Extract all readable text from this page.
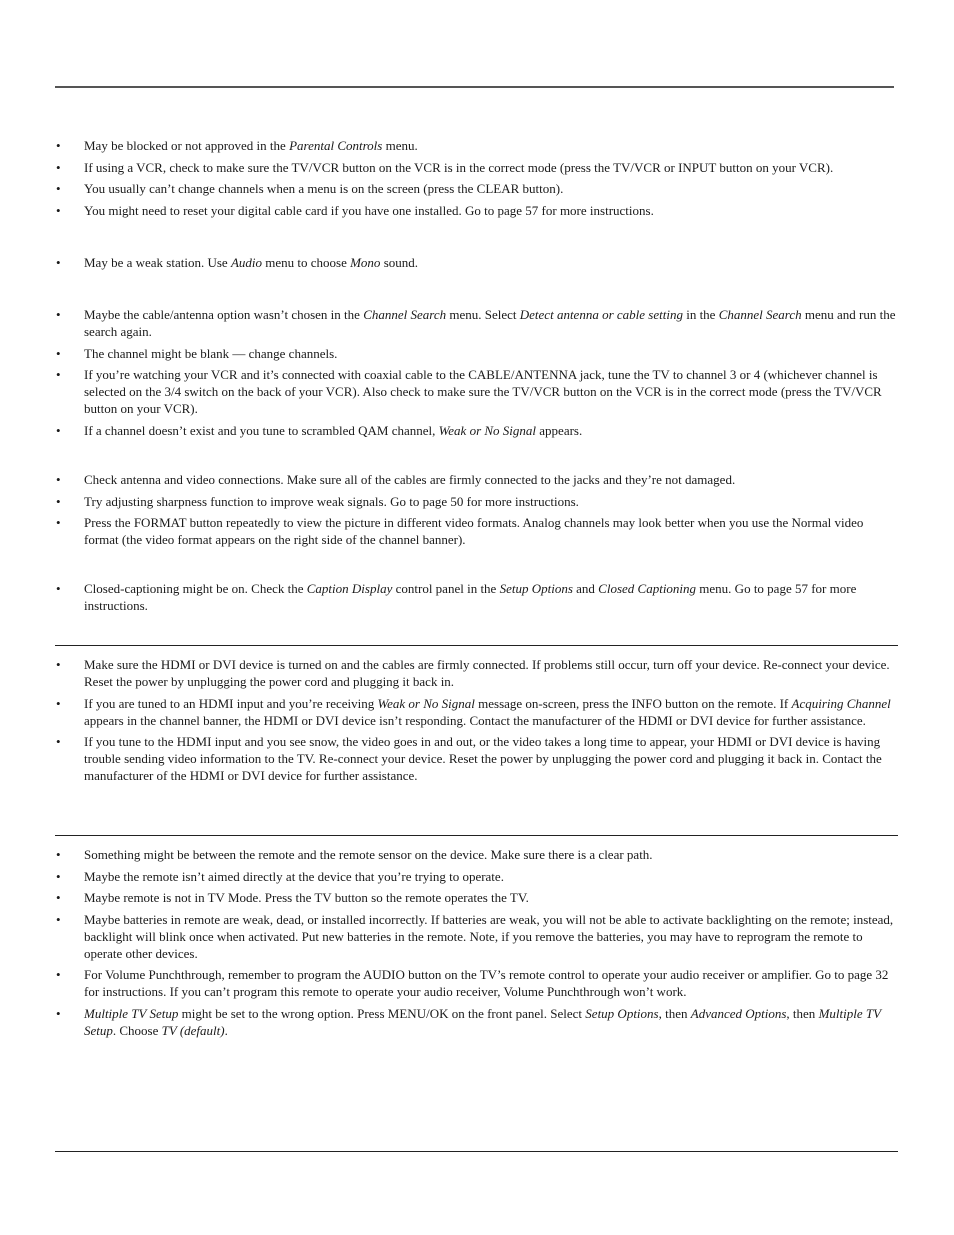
• May be blocked or not approved in the Parental Controls menu.
• If using a VCR, check to make sure the TV/VCR button on the VCR is in the correct mode (press the TV/VCR or INPUT button on your VCR).
• You usually can’t change channels when a menu is on the screen (press the CLEAR button).
• You might need to reset your digital cable card if you have one installed. Go to page 57 for more instructions.
• May be a weak station. Use Audio menu to choose Mono sound.
• Maybe the cable/antenna option wasn’t chosen in the Channel Search menu. Select Detect antenna or cable setting in the Channel Search menu and run the search again.
• The channel might be blank — change channels.
• If you’re watching your VCR and it’s connected with coaxial cable to the CABLE/ANTENNA jack, tune the TV to channel 3 or 4 (whichever channel is selected on the 3/4 switch on the back of your VCR). Also check to make sure the TV/VCR button on the VCR is in the correct mode (press the TV/VCR button on your VCR).
• If a channel doesn’t exist and you tune to scrambled QAM channel, Weak or No Signal appears.
• Check antenna and video connections. Make sure all of the cables are firmly connected to the jacks and they’re not damaged.
• Try adjusting sharpness function to improve weak signals. Go to page 50 for more instructions.
• Press the FORMAT button repeatedly to view the picture in different video formats. Analog channels may look better when you use the Normal video format (the video format appears on the right side of the channel banner).
• Closed-captioning might be on. Check the Caption Display control panel in the Setup Options and Closed Captioning menu. Go to page 57 for more instructions.
• Make sure the HDMI or DVI device is turned on and the cables are firmly connected. If problems still occur, turn off your device. Re-connect your device. Reset the power by unplugging the power cord and plugging it back in.
• If you are tuned to an HDMI input and you’re receiving Weak or No Signal message on-screen, press the INFO button on the remote. If Acquiring Channel appears in the channel banner, the HDMI or DVI device isn’t responding. Contact the manufacturer of the HDMI or DVI device for further assistance.
• If you tune to the HDMI input and you see snow, the video goes in and out, or the video takes a long time to appear, your HDMI or DVI device is having trouble sending video information to the TV. Re-connect your device. Reset the power by unplugging the power cord and plugging it back in. Contact the manufacturer of the HDMI or DVI device for further assistance.
• Something might be between the remote and the remote sensor on the device. Make sure there is a clear path.
• Maybe the remote isn’t aimed directly at the device that you’re trying to operate.
• Maybe remote is not in TV Mode. Press the TV button so the remote operates the TV.
• Maybe batteries in remote are weak, dead, or installed incorrectly. If batteries are weak, you will not be able to activate backlighting on the remote; instead, backlight will blink once when activated. Put new batteries in the remote. Note, if you remove the batteries, you may have to reprogram the remote to operate other devices.
• For Volume Punchthrough, remember to program the AUDIO button on the TV’s remote control to operate your audio receiver or amplifier. Go to page 32 for instructions. If you can’t program this remote to operate your audio receiver, Volume Punchthrough won’t work.
• Multiple TV Setup might be set to the wrong option. Press MENU/OK on the front panel. Select Setup Options, then Advanced Options, then Multiple TV Setup. Choose TV (default).
